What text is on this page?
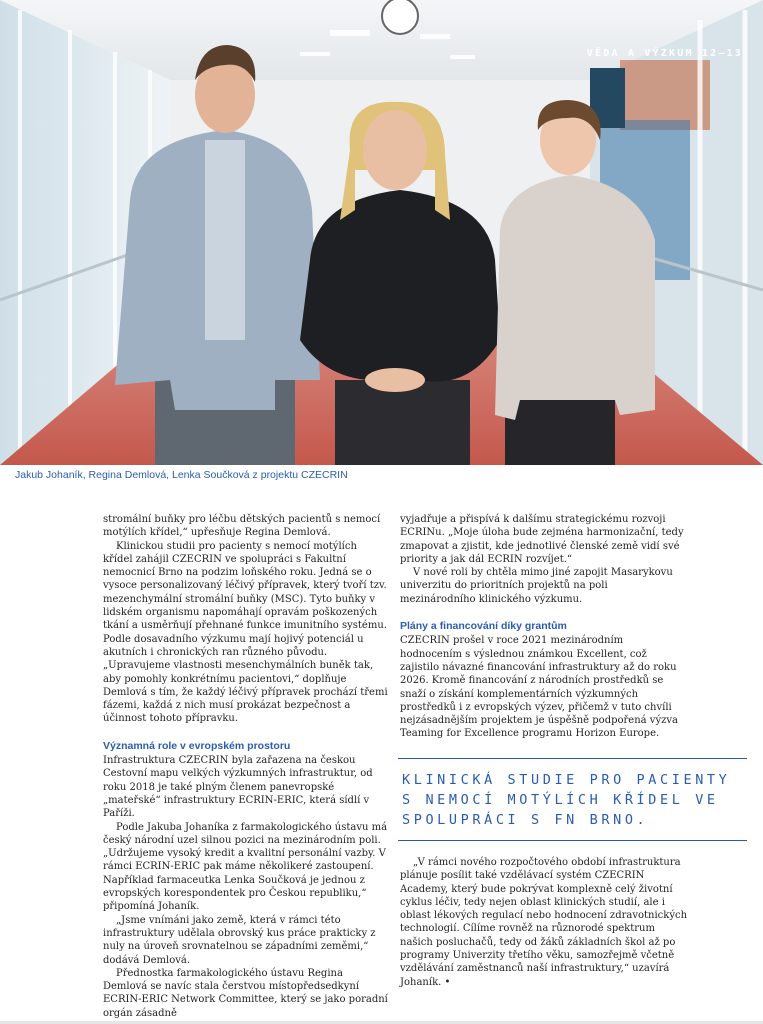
VĚDA A VÝZKUM 12–13
Jakub Johaník, Regina Demlová, Lenka Součková z projektu CZECRIN

stromální buňky pro léčbu dětských pacientů s nemocí motýlích křídel,“ upřesňuje Regina Demlová.

Klinickou studii pro pacienty s nemocí motýlích křídel zahájil CZECRIN ve spolupráci s Fakultní nemocnicí Brno na podzim loňského roku. Jedná se o vysoce personalizovaný léčivý přípravek, který tvoří tzv. mezenchymální stromální buňky (MSC). Tyto buňky v lidském organismu napomáhají opravám poškozených tkání a usměrňují přehnané funkce imunitního systému. Podle dosavadního výzkumu mají hojivý potenciál u akutních i chronických ran různého původu. „Upravujeme vlastnosti mesenchymálních buněk tak, aby pomohly konkrétnímu pacientovi,“ doplňuje Demlová s tím, že každý léčivý přípravek prochází třemi fázemi, každá z nich musí prokázat bezpečnost a účinnost tohoto přípravku.

Významná role v evropském prostoru

Infrastruktura CZECRIN byla zařazena na českou Cestovní mapu velkých výzkumných infrastruktur, od roku 2018 je také plným členem panevropské „mateřské“ infrastruktury ECRIN-ERIC, která sídlí v Paříži.

Podle Jakuba Johaníka z farmakologického ústavu má český národní uzel silnou pozici na mezinárodním poli. „Udržujeme vysoký kredit a kvalitní personální vazby. V rámci ECRIN-ERIC pak máme několikeré zastoupení. Například farmaceutka Lenka Součková je jednou z evropských korespondentek pro Českou republiku,“ připomíná Johaník.

„Jsme vnímáni jako země, která v rámci této infrastruktury udělala obrovský kus práce prakticky z nuly na úroveň srovnatelnou se západními zeměmi,“ dodává Demlová.

Přednostka farmakologického ústavu Regina Demlová se navíc stala čerstvou místopředsedkyní ECRIN-ERIC Network Committee, který se jako poradní orgán zásadně

vyjadřuje a přispívá k dalšímu strategickému rozvoji ECRINu. „Moje úloha bude zejména harmonizační, tedy zmapovat a zjistit, kde jednotlivé členské země vidí své priority a jak dál ECRIN rozvíjet.“

V nové roli by chtěla mimo jiné zapojit Masarykovu univerzitu do prioritních projektů na poli mezinárodního klinického výzkumu.

Plány a financování díky grantům

CZECRIN prošel v roce 2021 mezinárodním hodnocením s výslednou známkou Excellent, což zajistilo návazné financování infrastruktury až do roku 2026. Kromě financování z národních prostředků se snaží o získání komplementárních výzkumných prostředků i z evropských výzev, přičemž v tuto chvíli nejzásadnějším projektem je úspěšně podpořená výzva Teaming for Excellence programu Horizon Europe.

KLINICKÁ STUDIE PRO PACIENTY S NEMOCÍ MOTÝLÍCH KŘÍDEL VE SPOLUPRÁCI S FN BRNO.

„V rámci nového rozpočtového období infrastruktura plánuje posílit také vzdělávací systém CZECRIN Academy, který bude pokrývat komplexně celý životní cyklus léčiv, tedy nejen oblast klinických studií, ale i oblast lékových regulací nebo hodnocení zdravotnických technologií. Cílíme rovněž na různorodé spektrum našich posluchačů, tedy od žáků základních škol až po programy Univerzity třetího věku, samozřejmě včetně vzdělávání zaměstnanců naší infrastruktury,“ uzavírá Johaník. •
